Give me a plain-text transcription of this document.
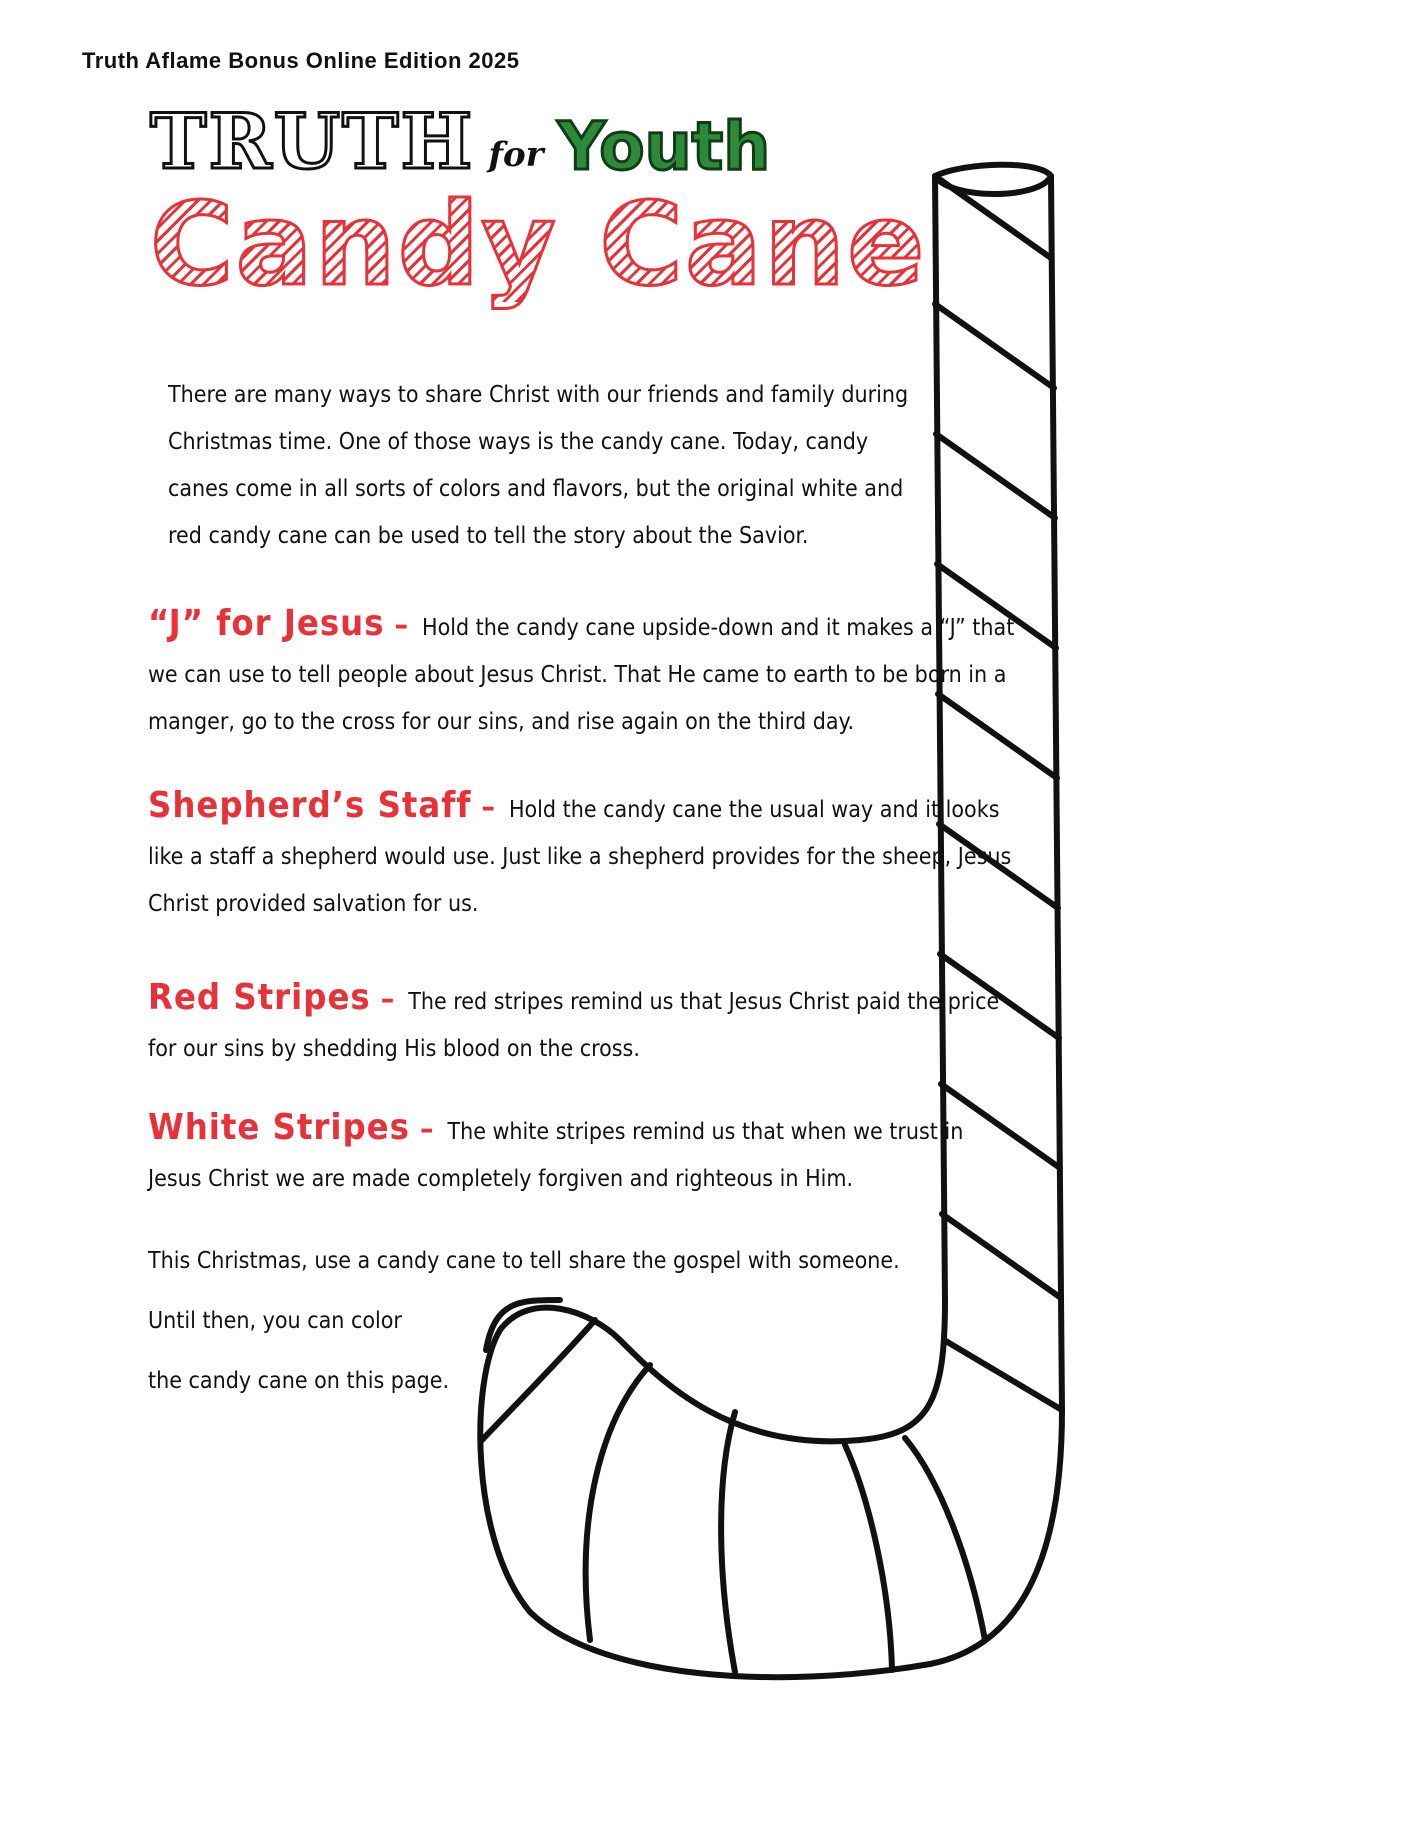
Truth Aflame Bonus Online Edition 2025
TRUTH for Youth
Candy Cane

There are many ways to share Christ with our friends and family during Christmas time. One of those ways is the candy cane. Today, candy canes come in all sorts of colors and flavors, but the original white and red candy cane can be used to tell the story about the Savior.

“J” for Jesus – Hold the candy cane upside-down and it makes a “J” that we can use to tell people about Jesus Christ. That He came to earth to be born in a manger, go to the cross for our sins, and rise again on the third day.

Shepherd’s Staff – Hold the candy cane the usual way and it looks like a staff a shepherd would use. Just like a shepherd provides for the sheep, Jesus Christ provided salvation for us.

Red Stripes – The red stripes remind us that Jesus Christ paid the price for our sins by shedding His blood on the cross.

White Stripes – The white stripes remind us that when we trust in Jesus Christ we are made completely forgiven and righteous in Him.

This Christmas, use a candy cane to tell share the gospel with someone.

Until then, you can color

the candy cane on this page.
